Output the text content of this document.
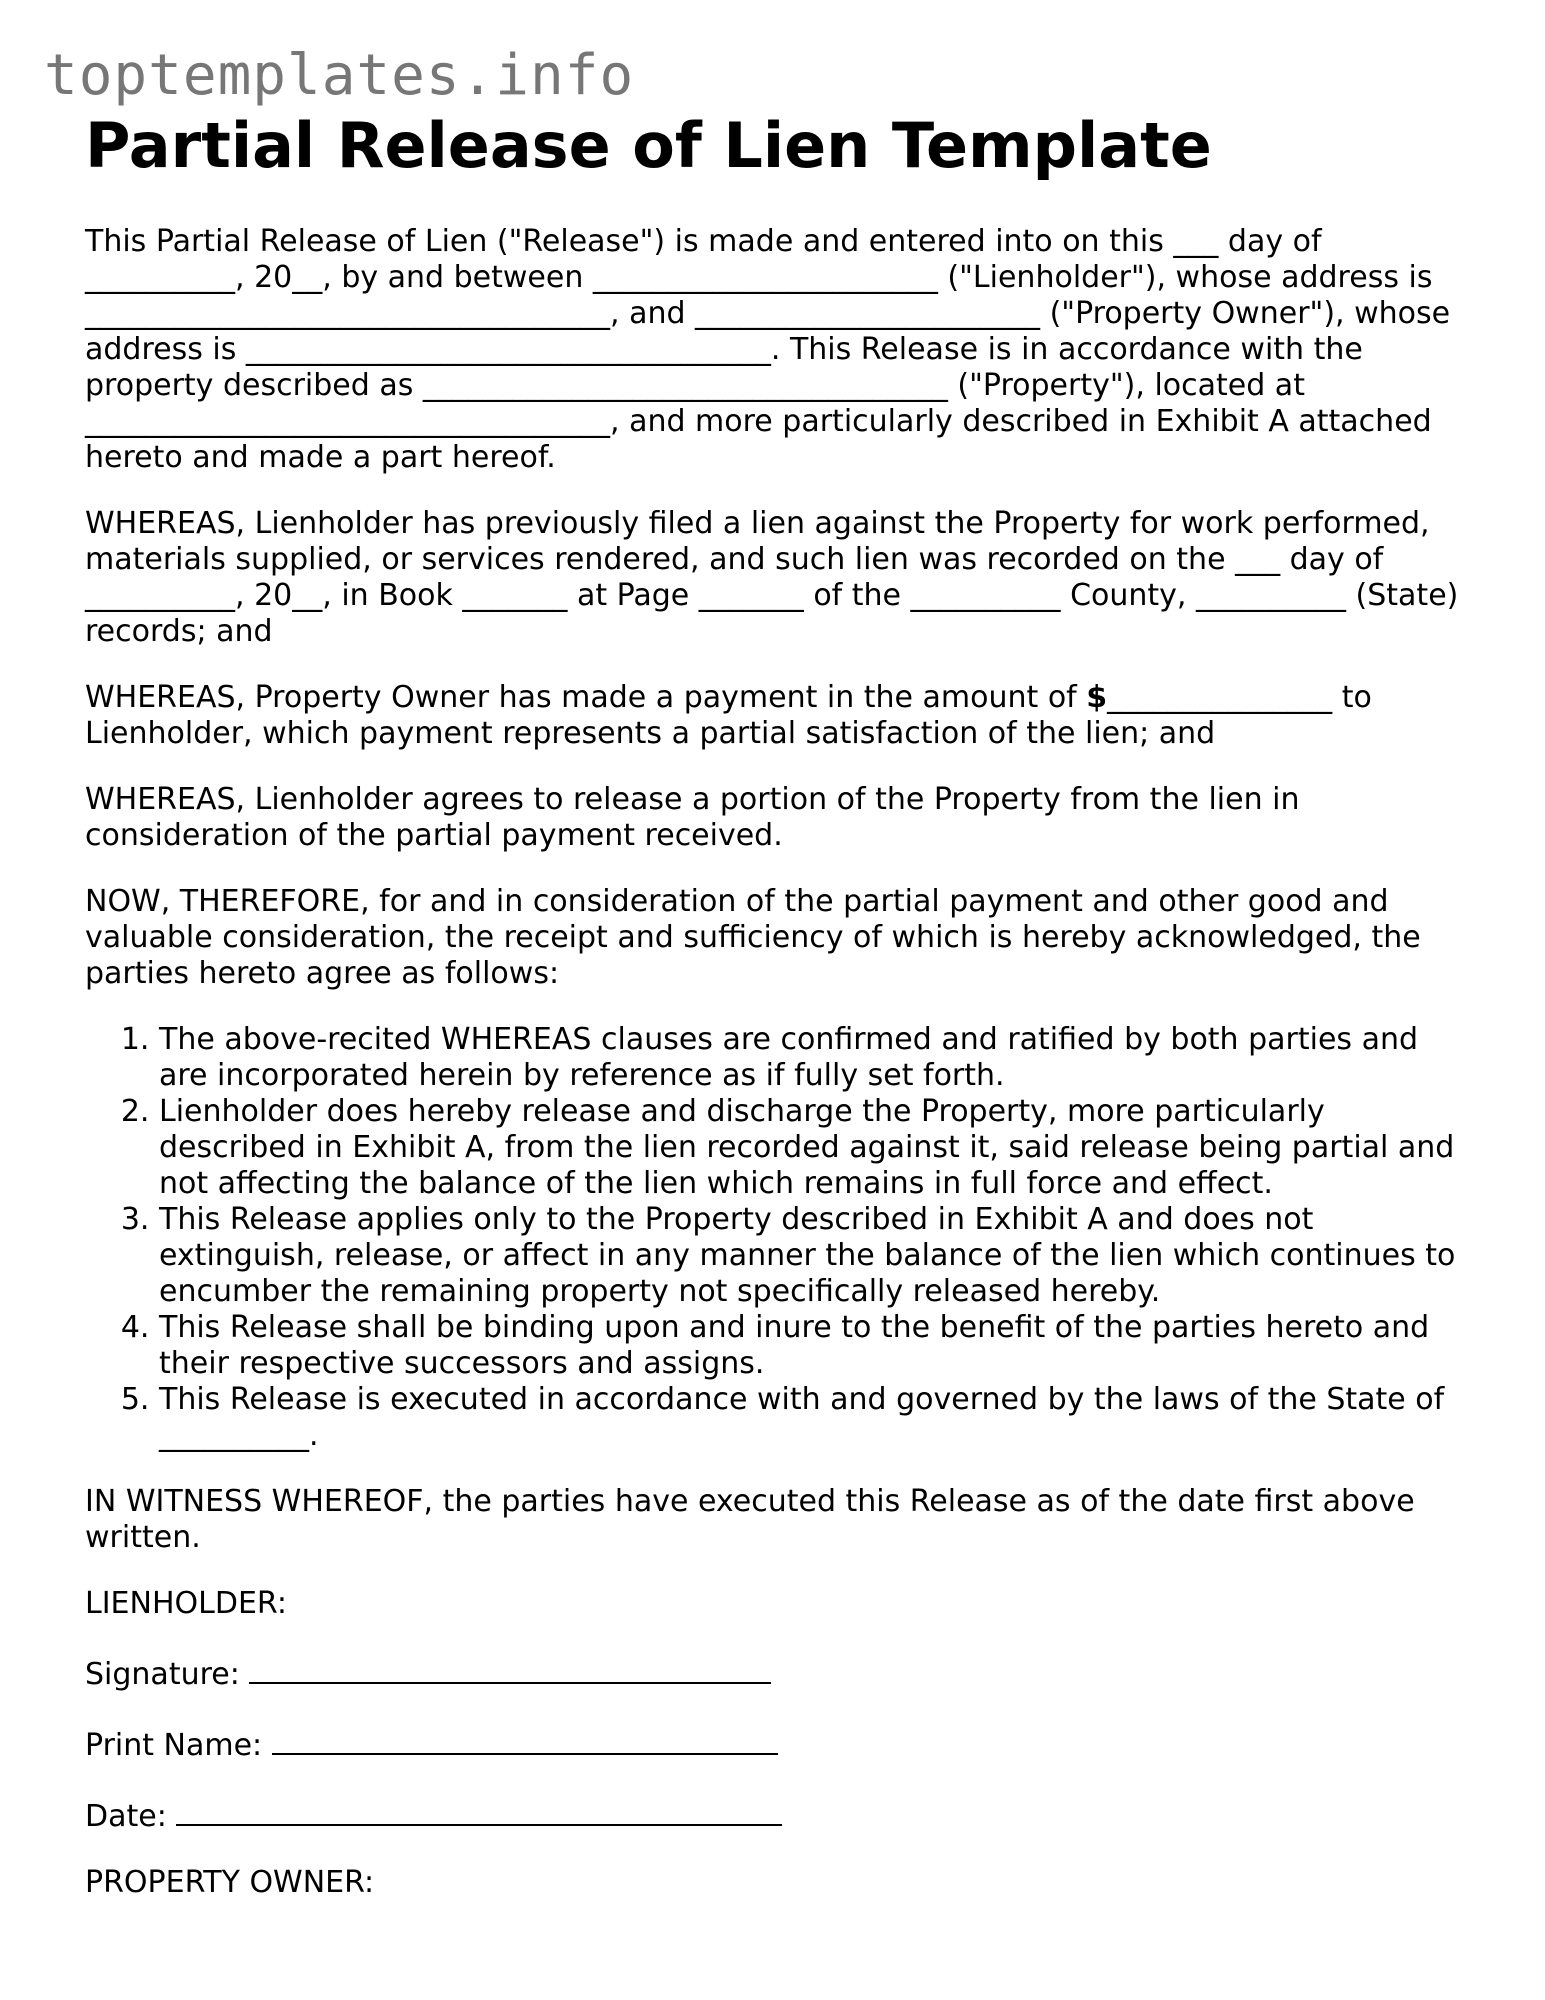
toptemplates.info
Partial Release of Lien Template

This Partial Release of Lien ("Release") is made and entered into on this ___ day of __________, 20__, by and between _______________________ ("Lienholder"), whose address is ___________________________________, and _______________________ ("Property Owner"), whose address is ___________________________________. This Release is in accordance with the property described as ___________________________________ ("Property"), located at ___________________________________, and more particularly described in Exhibit A attached hereto and made a part hereof.

WHEREAS, Lienholder has previously filed a lien against the Property for work performed, materials supplied, or services rendered, and such lien was recorded on the ___ day of __________, 20__, in Book _______ at Page _______ of the __________ County, __________ (State) records; and

WHEREAS, Property Owner has made a payment in the amount of $_______________ to Lienholder, which payment represents a partial satisfaction of the lien; and

WHEREAS, Lienholder agrees to release a portion of the Property from the lien in consideration of the partial payment received.

NOW, THEREFORE, for and in consideration of the partial payment and other good and valuable consideration, the receipt and sufficiency of which is hereby acknowledged, the parties hereto agree as follows:

1. The above-recited WHEREAS clauses are confirmed and ratified by both parties and are incorporated herein by reference as if fully set forth.
2. Lienholder does hereby release and discharge the Property, more particularly described in Exhibit A, from the lien recorded against it, said release being partial and not affecting the balance of the lien which remains in full force and effect.
3. This Release applies only to the Property described in Exhibit A and does not extinguish, release, or affect in any manner the balance of the lien which continues to encumber the remaining property not specifically released hereby.
4. This Release shall be binding upon and inure to the benefit of the parties hereto and their respective successors and assigns.
5. This Release is executed in accordance with and governed by the laws of the State of __________.

IN WITNESS WHEREOF, the parties have executed this Release as of the date first above written.

LIENHOLDER:

Signature:

Print Name:

Date:

PROPERTY OWNER:
